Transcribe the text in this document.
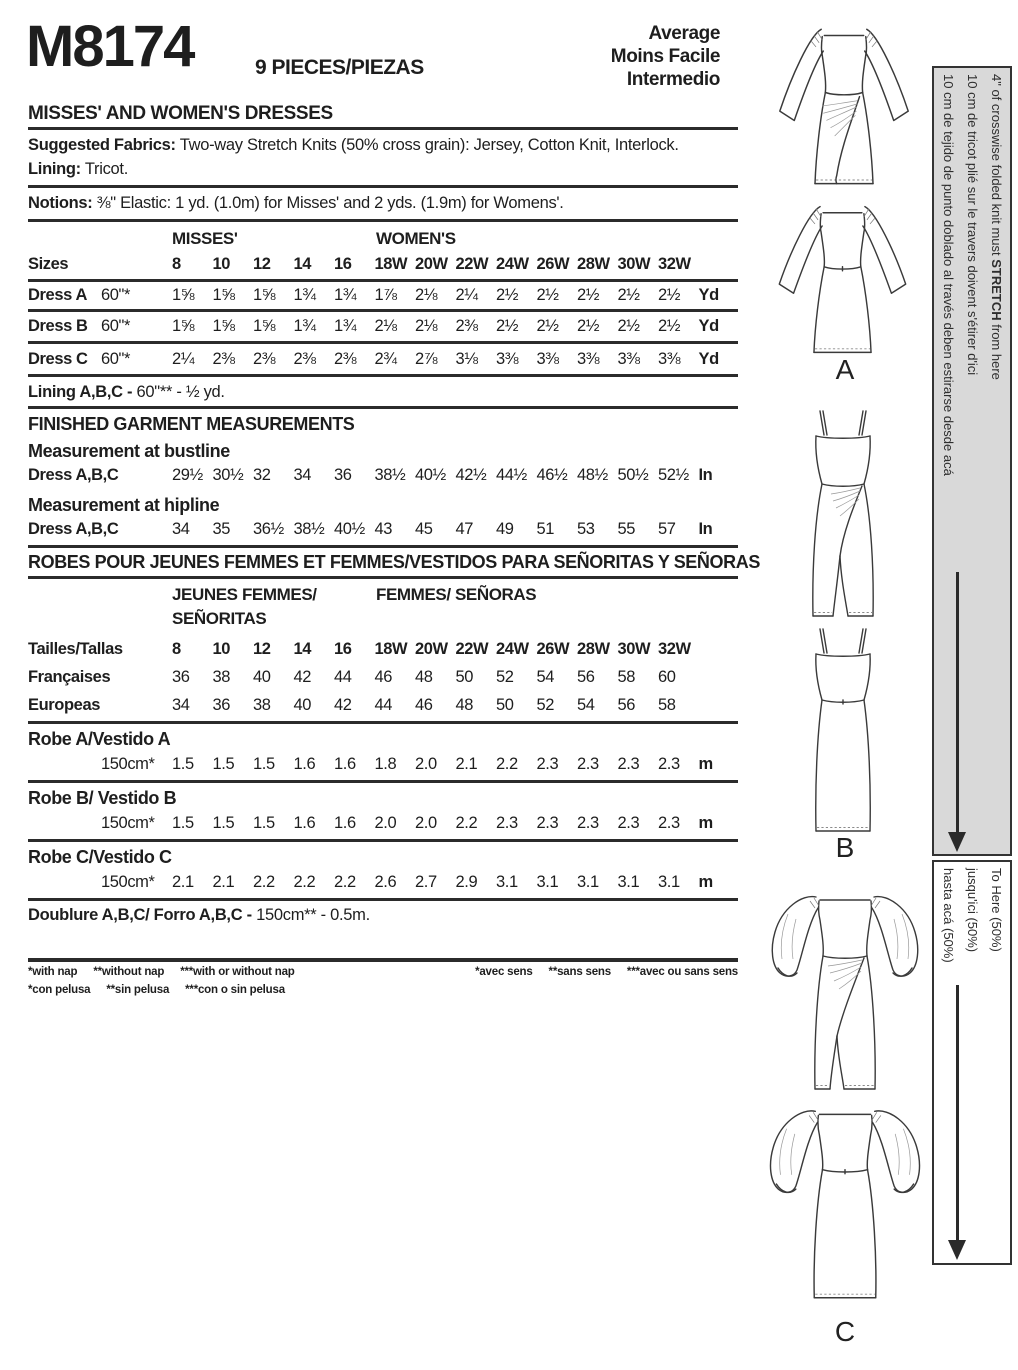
M8174	9 PIECES/PIEZAS
Average
Moins Facile
Intermedio
MISSES' AND WOMEN'S DRESSES
Suggested Fabrics: Two-way Stretch Knits (50% cross grain): Jersey, Cotton Knit, Interlock.
Lining: Tricot.
Notions: ⅜" Elastic: 1 yd. (1.0m) for Misses' and 2 yds. (1.9m) for Womens'.
MISSES'	WOMEN'S
Sizes	8	10	12	14	16	18W 20W 22W 24W 26W 28W 30W 32W
Dress A 60"*	1⅝	1⅝	1⅝	1¾	1¾	1⅞	2⅛	2¼	2½	2½	2½	2½	2½	Yd
Dress B 60"*	1⅝	1⅝	1⅝	1¾	1¾	2⅛	2⅛	2⅜	2½	2½	2½	2½	2½	Yd
Dress C 60"*	2¼	2⅜	2⅜	2⅜	2⅜	2¾	2⅞	3⅛	3⅜	3⅜	3⅜	3⅜	3⅜	Yd
Lining A,B,C - 60"** - ½ yd.
FINISHED GARMENT MEASUREMENTS
Measurement at bustline
Dress A,B,C	29½ 30½ 32	34	36	38½ 40½ 42½ 44½ 46½ 48½ 50½ 52½ In
Measurement at hipline
Dress A,B,C	34	35	36½ 38½ 40½ 43	45	47	49	51	53	55	57	In
ROBES POUR JEUNES FEMMES ET FEMMES/VESTIDOS PARA SEÑORITAS Y SEÑORAS
JEUNES FEMMES/
SEÑORITAS
FEMMES/ SEÑORAS
Tailles/Tallas	8	10	12	14	16	18W 20W 22W 24W 26W 28W 30W 32W
Françaises	36	38	40	42	44	46	48	50	52	54	56	58	60
Europeas	34	36	38	40	42	44	46	48	50	52	54	56	58
Robe A/Vestido A
150cm*	1.5	1.5	1.5	1.6	1.6	1.8	2.0	2.1	2.2	2.3	2.3	2.3	2.3	m
Robe B/ Vestido B
150cm*	1.5	1.5	1.5	1.6	1.6	2.0	2.0	2.2	2.3	2.3	2.3	2.3	2.3	m
Robe C/Vestido C
150cm*	2.1	2.1	2.2	2.2	2.2	2.6	2.7	2.9	3.1	3.1	3.1	3.1	3.1	m
Doublure A,B,C/ Forro A,B,C - 150cm** - 0.5m.
*with nap **without nap ***with or without nap
*con pelusa **sin pelusa ***con o sin pelusa
*avec sens **sans sens ***avec ou sans sens
A
B
C
4" of crosswise folded knit must STRETCH from here
10 cm de tricot plié sur le travers doivent s'étirer d'ici
10 cm de tejido de punto doblado al través deben estirarse desde acá
To Here (50%)
jusqu'ici (50%)
hasta acá (50%)
